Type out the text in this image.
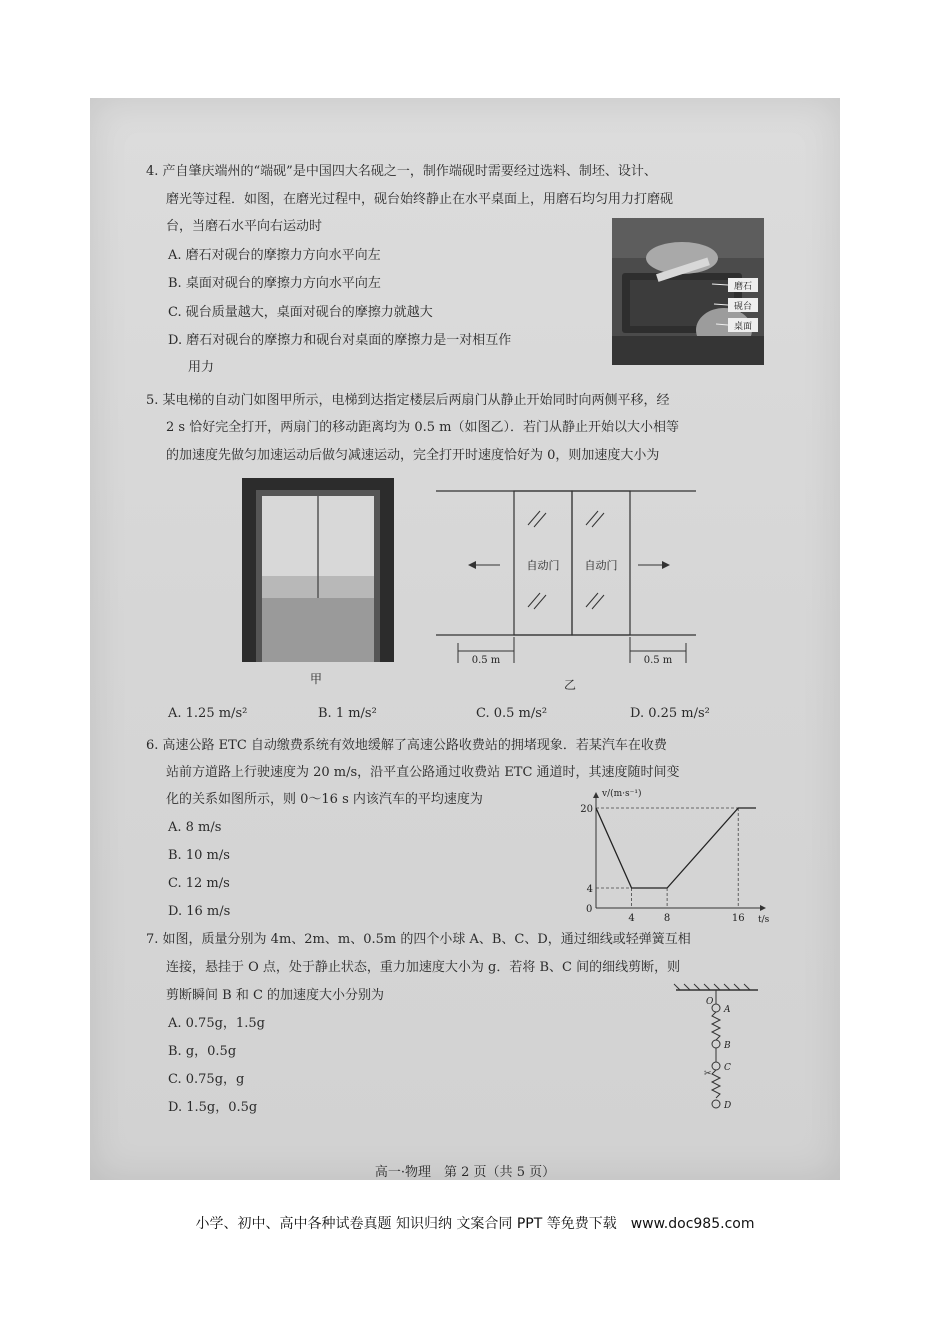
4. 产自肇庆端州的“端砚”是中国四大名砚之一，制作端砚时需要经过选料、制坯、设计、
磨光等过程．如图，在磨光过程中，砚台始终静止在水平桌面上，用磨石均匀用力打磨砚
台，当磨石水平向右运动时
A. 磨石对砚台的摩擦力方向水平向左
B. 桌面对砚台的摩擦力方向水平向左
C. 砚台质量越大，桌面对砚台的摩擦力就越大
D. 磨石对砚台的摩擦力和砚台对桌面的摩擦力是一对相互作
用力
磨石
砚台
桌面
5. 某电梯的自动门如图甲所示，电梯到达指定楼层后两扇门从静止开始同时向两侧平移，经
2 s 恰好完全打开，两扇门的移动距离均为 0.5 m（如图乙）．若门从静止开始以大小相等
的加速度先做匀加速运动后做匀减速运动，完全打开时速度恰好为 0，则加速度大小为
甲
自动门 自动门
0.5 m	0.5 m
乙
A. 1.25 m/s²	B. 1 m/s²	C. 0.5 m/s²	D. 0.25 m/s²
6. 高速公路 ETC 自动缴费系统有效地缓解了高速公路收费站的拥堵现象．若某汽车在收费
站前方道路上行驶速度为 20 m/s，沿平直公路通过收费站 ETC 通道时，其速度随时间变
化的关系如图所示，则 0～16 s 内该汽车的平均速度为
A. 8 m/s
B. 10 m/s
C. 12 m/s
D. 16 m/s
v/(m·s⁻¹)
t/s
0
4	8	16
4
20
7. 如图，质量分别为 4m、2m、m、0.5m 的四个小球 A、B、C、D，通过细线或轻弹簧互相
连接，悬挂于 O 点，处于静止状态，重力加速度大小为 g．若将 B、C 间的细线剪断，则
剪断瞬间 B 和 C 的加速度大小分别为
A. 0.75g，1.5g
B. g，0.5g
C. 0.75g，g
D. 1.5g，0.5g
✂
O
A
B
C
D
高一·物理　第 2 页（共 5 页）
小学、初中、高中各种试卷真题 知识归纳 文案合同 PPT 等免费下载　www.doc985.com
